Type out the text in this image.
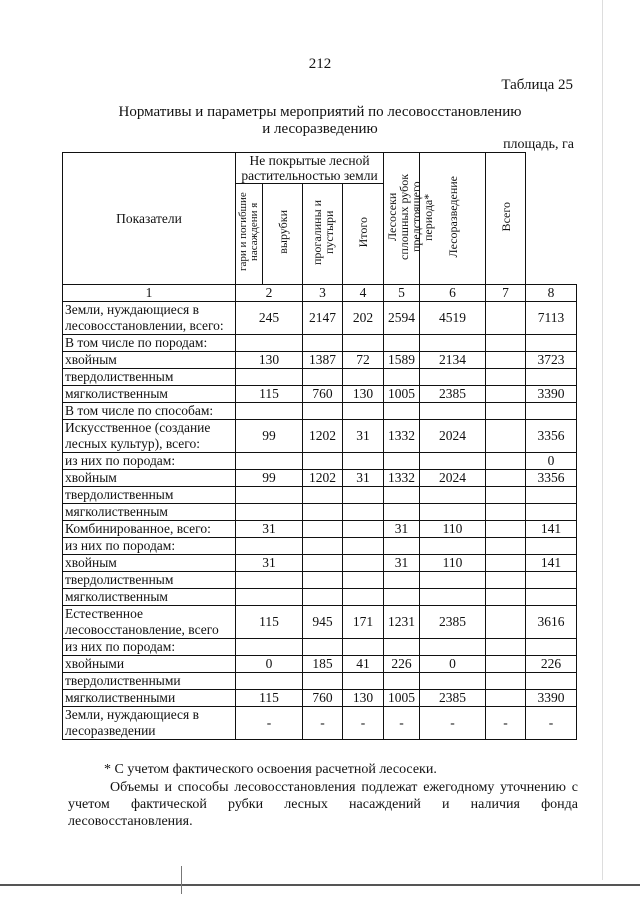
212
Таблица 25
Нормативы и параметры мероприятий по лесовосстановлению
и лесоразведению
площадь, га
Показатели	Не покрытые лесной растительностью земли				Лесосеки сплошных рубок предстоящего периода*	Лесоразведение	Всего	
	гари и погибшие насаждени я	вырубки	прогалины и пустыри	Итого				
1	2		3	4	5	6	7	8
Земли, нуждающиеся в лесовосстановлении, всего:	245		2147	202	2594	4519		7113
В том числе по породам:								
хвойным	130		1387	72	1589	2134		3723
твердолиственным								
мягколиственным	115		760	130	1005	2385		3390
В том числе по способам:								
Искусственное (создание лесных культур), всего:	99		1202	31	1332	2024		3356
из них по породам:								0
хвойным	99		1202	31	1332	2024		3356
твердолиственным								
мягколиственным								
Комбинированное, всего:	31				31	110		141
из них по породам:								
хвойным	31				31	110		141
твердолиственным								
мягколиственным								
Естественное лесовосстановление, всего	115		945	171	1231	2385		3616
из них по породам:								
хвойными	0		185	41	226	0		226
твердолиственными								
мягколиственными	115		760	130	1005	2385		3390
Земли, нуждающиеся в лесоразведении	-		-	-	-	-	-	-
* С учетом фактического освоения расчетной лесосеки.
Объемы и способы лесовосстановления подлежат ежегодному уточнению с учетом фактической рубки лесных насаждений и наличия фонда лесовосстановления.
